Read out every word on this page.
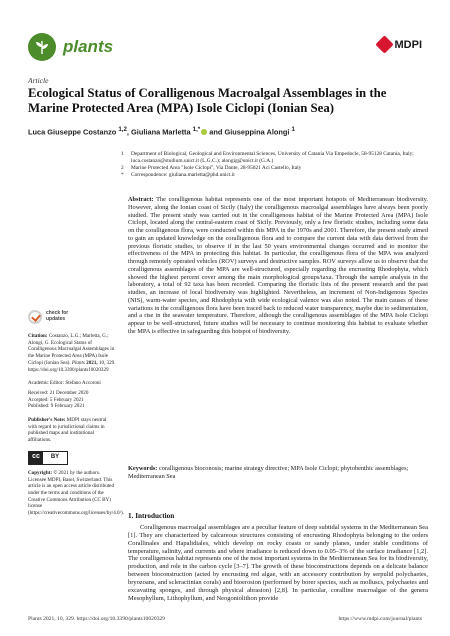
plants	MDPI
Article
Ecological Status of Coralligenous Macroalgal Assemblages in the Marine Protected Area (MPA) Isole Ciclopi (Ionian Sea)
Luca Giuseppe Costanzo $^{1,2}$, Giuliana Marletta $^{1,*}$ and Giuseppina Alongi $^1$
1	Department of Biological, Geological and Environmental Sciences, University of Catania Via Empedocle, 58-95128 Catania, Italy; luca.costanzo@studium.unict.it (L.G.C.); alongig@unict.it (G.A.)
2	Marine Protected Area "Isole Ciclopi", Via Dante, 28-95021 Aci Castello, Italy
*	Correspondence: giuliana.marletta@phd.unict.it
Abstract: The coralligenous habitat represents one of the most important hotspots of Mediterranean biodiversity. However, along the Ionian coast of Sicily (Italy) the coralligenous macroalgal assemblages have always been poorly studied. The present study was carried out in the coralligenous habitat of the Marine Protected Area (MPA) Isole Ciclopi, located along the central-eastern coast of Sicily. Previously, only a few floristic studies, including some data on the coralligenous flora, were conducted within this MPA in the 1970s and 2001. Therefore, the present study aimed to gain an updated knowledge on the coralligenous flora and to compare the current data with data derived from the previous floristic studies, to observe if in the last 50 years environmental changes occurred and to monitor the effectiveness of the MPA in protecting this habitat. In particular, the coralligenous flora of the MPA was analyzed through remotely operated vehicles (ROV) surveys and destructive samples. ROV surveys allow us to observe that the coralligenous assemblages of the MPA are well-structured, especially regarding the encrusting Rhodophyta, which showed the highest percent cover among the main morphological groups/taxa. Through the sample analysis in the laboratory, a total of 92 taxa has been recorded. Comparing the floristic lists of the present research and the past studies, an increase of local biodiversity was highlighted. Nevertheless, an increment of Non-Indigenous Species (NIS), warm-water species, and Rhodophyta with wide ecological valence was also noted. The main causes of these variations in the coralligenous flora have been traced back to reduced water transparency, maybe due to sedimentation, and a rise in the seawater temperature. Therefore, although the coralligenous assemblages of the MPA Isole Ciclopi appear to be well-structured, future studies will be necessary to continue monitoring this habitat to evaluate whether the MPA is effective in safeguarding this hotspot of biodiversity.
Keywords: coralligenous bioconosis; marine strategy directive; MPA Isole Ciclopi; phytobenthic assemblages; Mediterranean Sea
check for
updates
Citation: Costanzo, L.G.; Marletta, G.; Alongi, G. Ecological Status of Coralligenous Macroalgal Assemblages in the Marine Protected Area (MPA) Isole Ciclopi (Ionian Sea). Plants 2021, 10, 329. https://doi.org/10.3390/plants10020329
Academic Editor: Stefano Accoroni
Received: 21 December 2020
Accepted: 5 February 2021
Published: 9 February 2021
Publisher's Note: MDPI stays neutral with regard to jurisdictional claims in published maps and institutional affiliations.
cc	BY
Copyright: © 2021 by the authors. Licensee MDPI, Basel, Switzerland. This article is an open access article distributed under the terms and conditions of the Creative Commons Attribution (CC BY) license (https://creativecommons.org/licenses/by/4.0/). 1. Introduction
Coralligenous macroalgal assemblages are a peculiar feature of deep subtidal systems in the Mediterranean Sea [1]. They are characterized by calcareous structures consisting of encrusting Rhodophyta belonging to the orders Corallinales and Hapalidiales, which develop on rocky coasts or sandy planes, under stable conditions of temperature, salinity, and currents and where irradiance is reduced down to 0.05–3% of the surface irradiance [1,2]. The coralligenous habitat represents one of the most important systems in the Mediterranean Sea for its biodiversity, production, and role in the carbon cycle [3–7]. The growth of these bioconstructions depends on a delicate balance between bioconstruction (acted by encrusting red algae, with an accessory contribution by serpulid polychaetes, bryozoans, and scleractinian corals) and bioerosion (performed by borer species, such as molluscs, polychaetes and excavating sponges, and through physical abrasion) [2,8]. In particular, coralline macroalgae of the genera Mesophyllum, Lithophyllum, and Neogoniolithon provide
Plants 2021, 10, 329. https://doi.org/10.3390/plants10020329	https://www.mdpi.com/journal/plants
